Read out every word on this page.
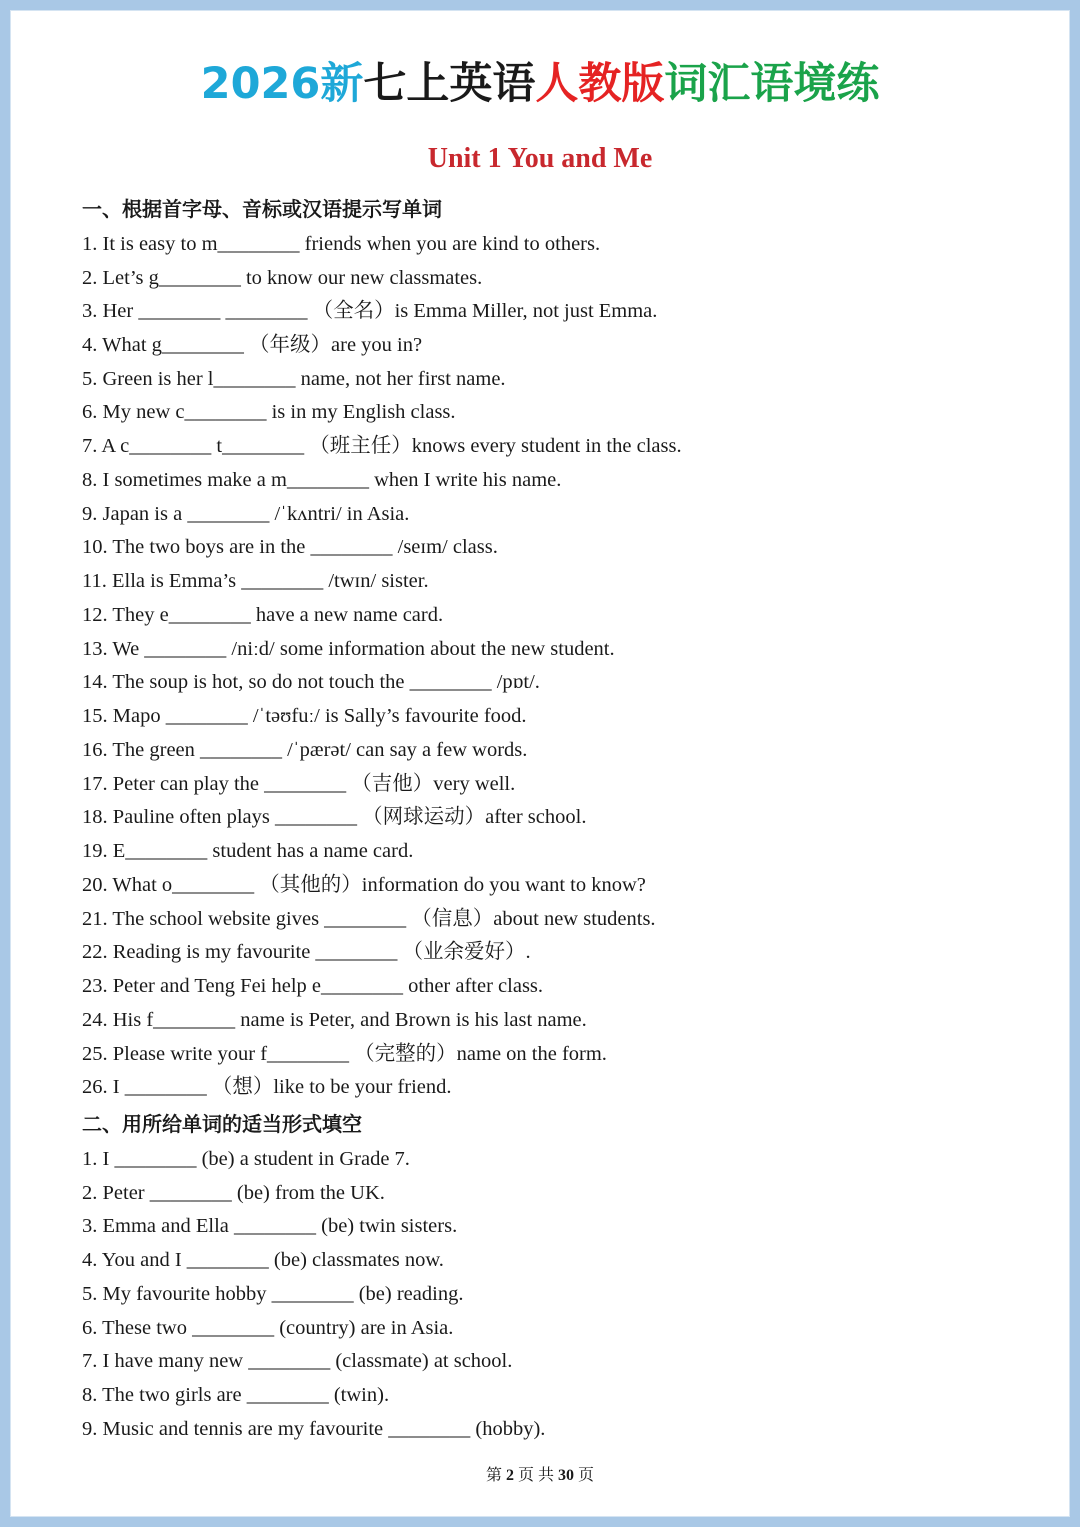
2026新七上英语人教版词汇语境练
Unit 1 You and Me
一、根据首字母、音标或汉语提示写单词
1. It is easy to m________ friends when you are kind to others.
2. Let’s g________ to know our new classmates.
3. Her ________ ________ （全名）is Emma Miller, not just Emma.
4. What g________ （年级）are you in?
5. Green is her l________ name, not her first name.
6. My new c________ is in my English class.
7. A c________ t________ （班主任）knows every student in the class.
8. I sometimes make a m________ when I write his name.
9. Japan is a ________ /ˈkʌntri/ in Asia.
10. The two boys are in the ________ /seɪm/ class.
11. Ella is Emma’s ________ /twɪn/ sister.
12. They e________ have a new name card.
13. We ________ /niːd/ some information about the new student.
14. The soup is hot, so do not touch the ________ /pɒt/.
15. Mapo ________ /ˈtəʊfuː/ is Sally’s favourite food.
16. The green ________ /ˈpærət/ can say a few words.
17. Peter can play the ________ （吉他）very well.
18. Pauline often plays ________ （网球运动）after school.
19. E________ student has a name card.
20. What o________ （其他的）information do you want to know?
21. The school website gives ________ （信息）about new students.
22. Reading is my favourite ________ （业余爱好）.
23. Peter and Teng Fei help e________ other after class.
24. His f________ name is Peter, and Brown is his last name.
25. Please write your f________ （完整的）name on the form.
26. I ________ （想）like to be your friend.
二、用所给单词的适当形式填空
1. I ________ (be) a student in Grade 7.
2. Peter ________ (be) from the UK.
3. Emma and Ella ________ (be) twin sisters.
4. You and I ________ (be) classmates now.
5. My favourite hobby ________ (be) reading.
6. These two ________ (country) are in Asia.
7. I have many new ________ (classmate) at school.
8. The two girls are ________ (twin).
9. Music and tennis are my favourite ________ (hobby).
第 2 页 共 30 页
